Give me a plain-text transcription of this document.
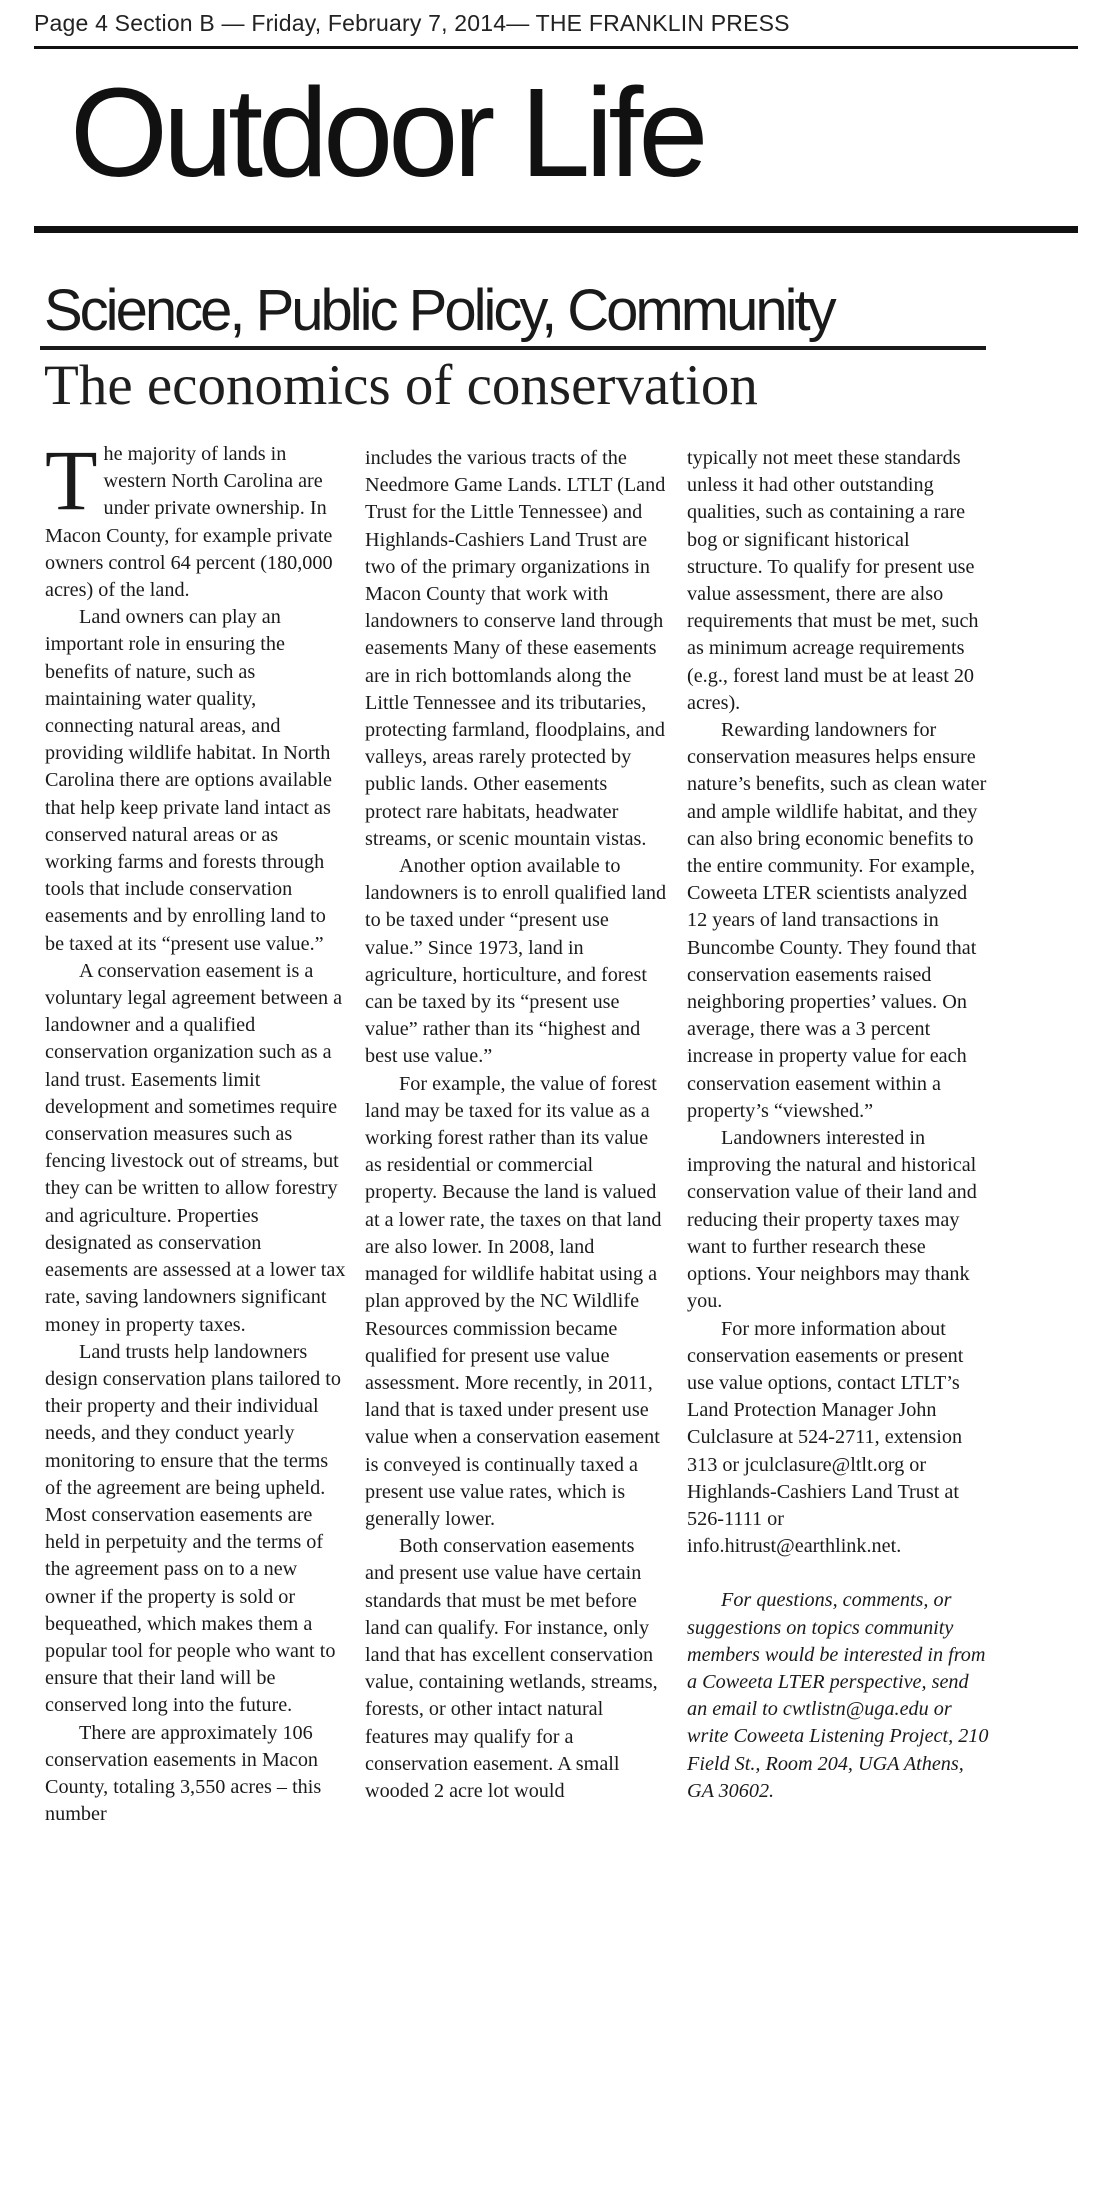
Page 4 Section B — Friday, February 7, 2014— THE FRANKLIN PRESS
Outdoor Life
Science, Public Policy, Community
The economics of conservation

The majority of lands in western North Carolina are under private ownership. In Macon County, for example private owners control 64 percent (180,000 acres) of the land.

Land owners can play an important role in ensuring the benefits of nature, such as maintaining water quality, connecting natural areas, and providing wildlife habitat. In North Carolina there are options available that help keep private land intact as conserved natural areas or as working farms and forests through tools that include conservation easements and by enrolling land to be taxed at its “present use value.”

A conservation easement is a voluntary legal agreement between a landowner and a qualified conservation organization such as a land trust. Easements limit development and sometimes require conservation measures such as fencing livestock out of streams, but they can be written to allow forestry and agriculture. Properties designated as conservation easements are assessed at a lower tax rate, saving landowners significant money in property taxes.

Land trusts help landowners design conservation plans tailored to their property and their individual needs, and they conduct yearly monitoring to ensure that the terms of the agreement are being upheld. Most conservation easements are held in perpetuity and the terms of the agreement pass on to a new owner if the property is sold or bequeathed, which makes them a popular tool for people who want to ensure that their land will be conserved long into the future.

There are approximately 106 conservation easements in Macon County, totaling 3,550 acres – this number

includes the various tracts of the Needmore Game Lands. LTLT (Land Trust for the Little Tennessee) and Highlands-Cashiers Land Trust are two of the primary organizations in Macon County that work with landowners to conserve land through easements Many of these easements are in rich bottomlands along the Little Tennessee and its tributaries, protecting farmland, floodplains, and valleys, areas rarely protected by public lands. Other easements protect rare habitats, headwater streams, or scenic mountain vistas.

Another option available to landowners is to enroll qualified land to be taxed under “present use value.” Since 1973, land in agriculture, horticulture, and forest can be taxed by its “present use value” rather than its “highest and best use value.”

For example, the value of forest land may be taxed for its value as a working forest rather than its value as residential or commercial property. Because the land is valued at a lower rate, the taxes on that land are also lower. In 2008, land managed for wildlife habitat using a plan approved by the NC Wildlife Resources commission became qualified for present use value assessment. More recently, in 2011, land that is taxed under present use value when a conservation easement is conveyed is continually taxed a present use value rates, which is generally lower.

Both conservation easements and present use value have certain standards that must be met before land can qualify. For instance, only land that has excellent conservation value, containing wetlands, streams, forests, or other intact natural features may qualify for a conservation easement. A small wooded 2 acre lot would

typically not meet these standards unless it had other outstanding qualities, such as containing a rare bog or significant historical structure. To qualify for present use value assessment, there are also requirements that must be met, such as minimum acreage requirements (e.g., forest land must be at least 20 acres).

Rewarding landowners for conservation measures helps ensure nature’s benefits, such as clean water and ample wildlife habitat, and they can also bring economic benefits to the entire community. For example, Coweeta LTER scientists analyzed 12 years of land transactions in Buncombe County. They found that conservation easements raised neighboring properties’ values. On average, there was a 3 percent increase in property value for each conservation easement within a property’s “viewshed.”

Landowners interested in improving the natural and historical conservation value of their land and reducing their property taxes may want to further research these options. Your neighbors may thank you.

For more information about conservation easements or present use value options, contact LTLT’s Land Protection Manager John Culclasure at 524-2711, extension 313 or jculclasure@ltlt.org or Highlands-Cashiers Land Trust at 526-1111 or info.hitrust@earthlink.net.

For questions, comments, or suggestions on topics community members would be interested in from a Coweeta LTER perspective, send an email to cwtlistn@uga.edu or write Coweeta Listening Project, 210 Field St., Room 204, UGA Athens, GA 30602.
